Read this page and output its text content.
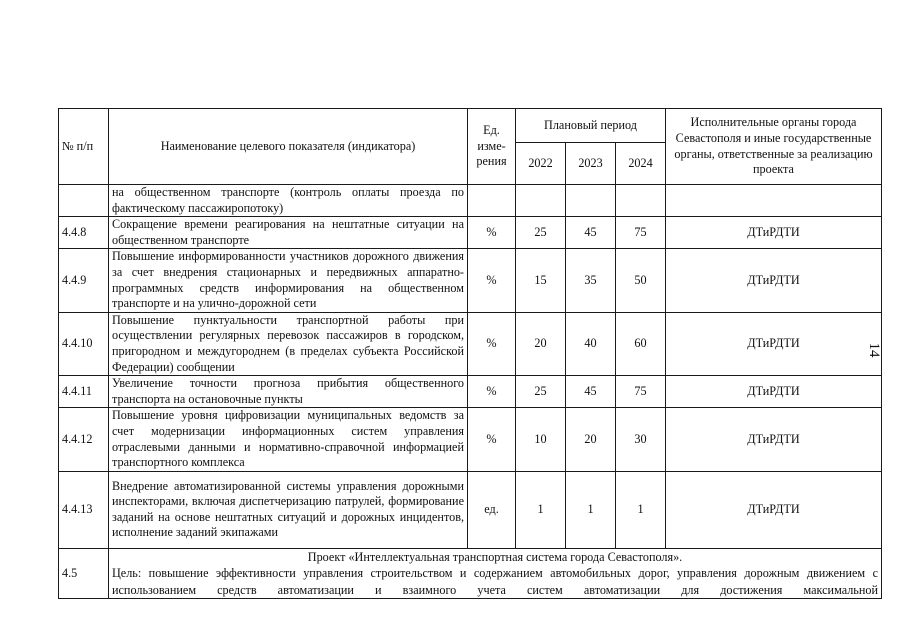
№ п/п	Наименование целевого показателя (индикатора)	Ед. изме-рения	Плановый период			Исполнительные органы города Севастополя и иные государственные органы, ответственные за реализацию проекта
			2022	2023	2024	
	на общественном транспорте (контроль оплаты проезда по фактическому пассажиропотоку)					
4.4.8	Сокращение времени реагирования на нештатные ситуации на общественном транспорте	%	25	45	75	ДТиРДТИ
4.4.9	Повышение информированности участников дорожного движения за счет внедрения стационарных и передвижных аппаратно-программных средств информирования на общественном транспорте и на улично-дорожной сети	%	15	35	50	ДТиРДТИ
4.4.10	Повышение пунктуальности транспортной работы при осуществлении регулярных перевозок пассажиров в городском, пригородном и междугороднем (в пределах субъекта Российской Федерации) сообщении	%	20	40	60	ДТиРДТИ
4.4.11	Увеличение точности прогноза прибытия общественного транспорта на остановочные пункты	%	25	45	75	ДТиРДТИ
4.4.12	Повышение уровня цифровизации муниципальных ведомств за счет модернизации информационных систем управления отраслевыми данными и нормативно-справочной информацией транспортного комплекса	%	10	20	30	ДТиРДТИ
4.4.13	Внедрение автоматизированной системы управления дорожными инспекторами, включая диспетчеризацию патрулей, формирование заданий на основе нештатных ситуаций и дорожных инцидентов, исполнение заданий экипажами	ед.	1	1	1	ДТиРДТИ
4.5	Проект «Интеллектуальная транспортная система города Севастополя».
Цель: повышение эффективности управления строительством и содержанием автомобильных дорог, управления дорожным движением с использованием средств автоматизации и взаимного учета систем автоматизации для достижения максимальной					
14
